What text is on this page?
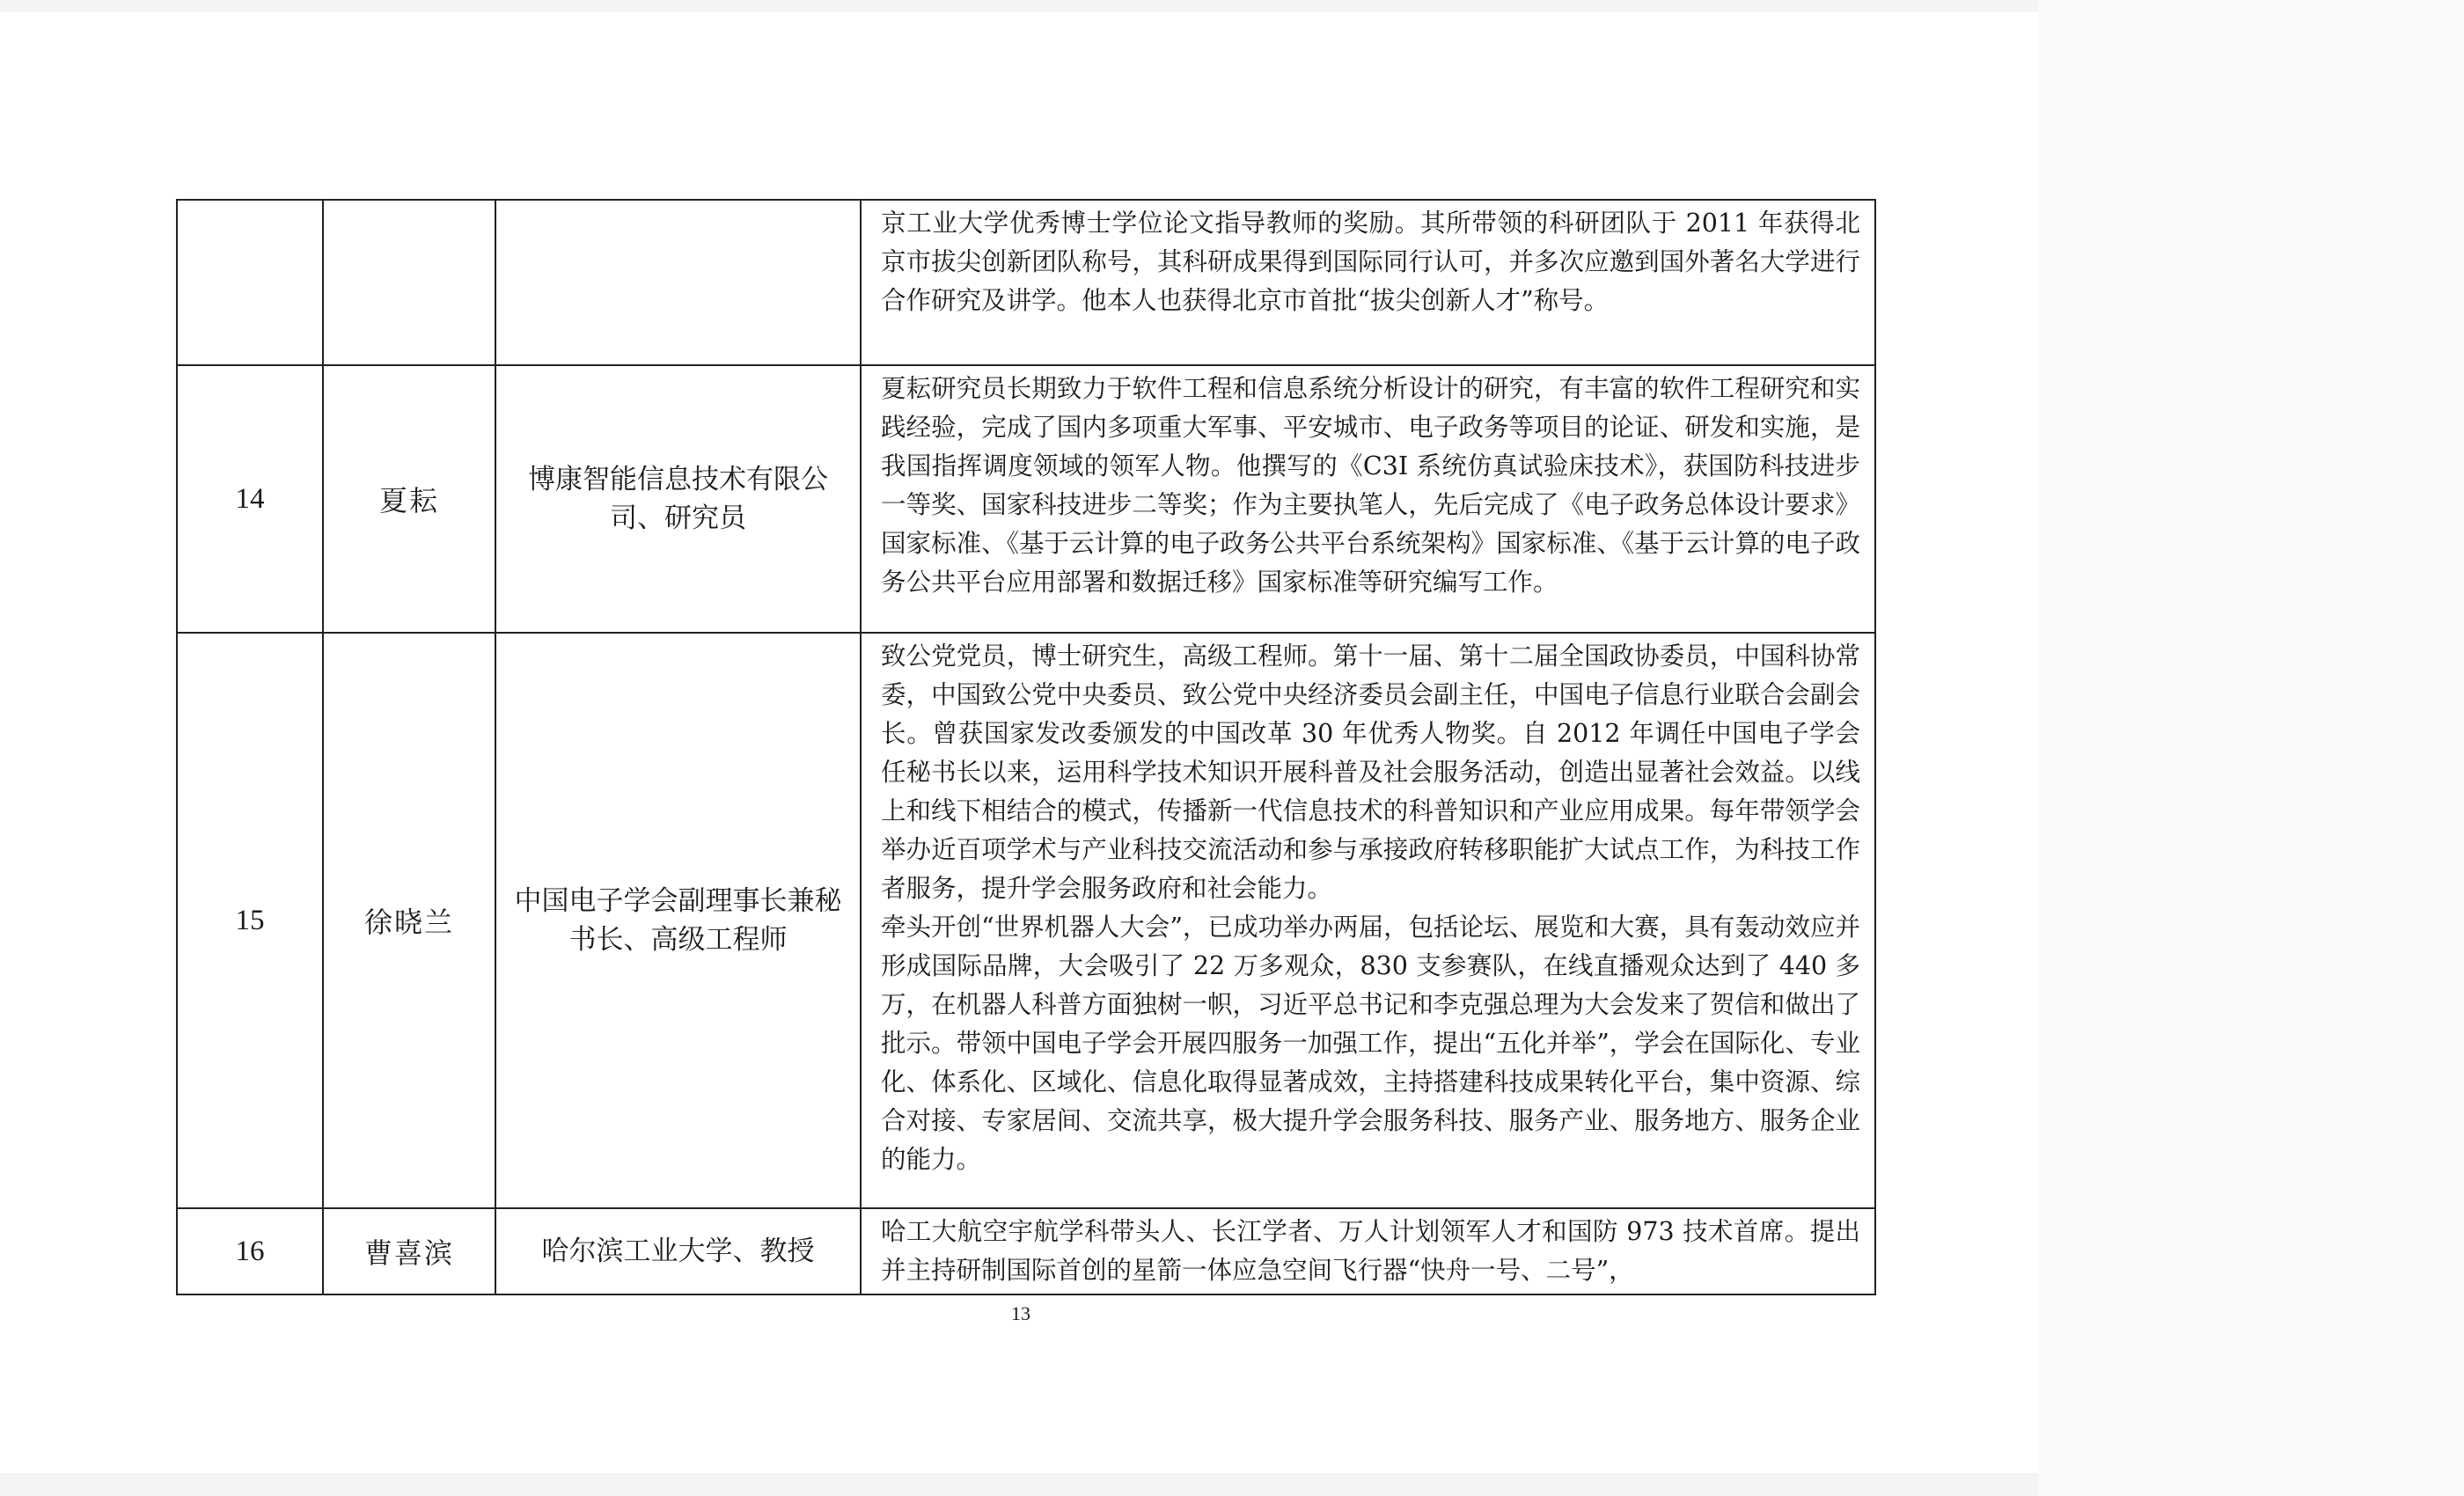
			京工业大学优秀博士学位论文指导教师的奖励。其所带领的科研团队于 2011 年获得北京市拔尖创新团队称号，其科研成果得到国际同行认可，并多次应邀到国外著名大学进行合作研究及讲学。他本人也获得北京市首批“拔尖创新人才”称号。

14	夏耘	博康智能信息技术有限公司、研究员	夏耘研究员长期致力于软件工程和信息系统分析设计的研究，有丰富的软件工程研究和实践经验，完成了国内多项重大军事、平安城市、电子政务等项目的论证、研发和实施，是我国指挥调度领域的领军人物。他撰写的《C3I 系统仿真试验床技术》，获国防科技进步一等奖、国家科技进步二等奖；作为主要执笔人，先后完成了《电子政务总体设计要求》国家标准、《基于云计算的电子政务公共平台系统架构》国家标准、《基于云计算的电子政务公共平台应用部署和数据迁移》国家标准等研究编写工作。

15	徐晓兰	中国电子学会副理事长兼秘书长、高级工程师	致公党党员，博士研究生，高级工程师。第十一届、第十二届全国政协委员，中国科协常委，中国致公党中央委员、致公党中央经济委员会副主任，中国电子信息行业联合会副会长。曾获国家发改委颁发的中国改革 30 年优秀人物奖。自 2012 年调任中国电子学会任秘书长以来，运用科学技术知识开展科普及社会服务活动，创造出显著社会效益。以线上和线下相结合的模式，传播新一代信息技术的科普知识和产业应用成果。每年带领学会举办近百项学术与产业科技交流活动和参与承接政府转移职能扩大试点工作，为科技工作者服务，提升学会服务政府和社会能力。

牵头开创“世界机器人大会”，已成功举办两届，包括论坛、展览和大赛，具有轰动效应并形成国际品牌，大会吸引了 22 万多观众，830 支参赛队，在线直播观众达到了 440 多万，在机器人科普方面独树一帜，习近平总书记和李克强总理为大会发来了贺信和做出了批示。带领中国电子学会开展四服务一加强工作，提出“五化并举”，学会在国际化、专业化、体系化、区域化、信息化取得显著成效，主持搭建科技成果转化平台，集中资源、综合对接、专家居间、交流共享，极大提升学会服务科技、服务产业、服务地方、服务企业的能力。

16	曹喜滨	哈尔滨工业大学、教授	哈工大航空宇航学科带头人、长江学者、万人计划领军人才和国防 973 技术首席。提出并主持研制国际首创的星箭一体应急空间飞行器“快舟一号、二号”，

13
